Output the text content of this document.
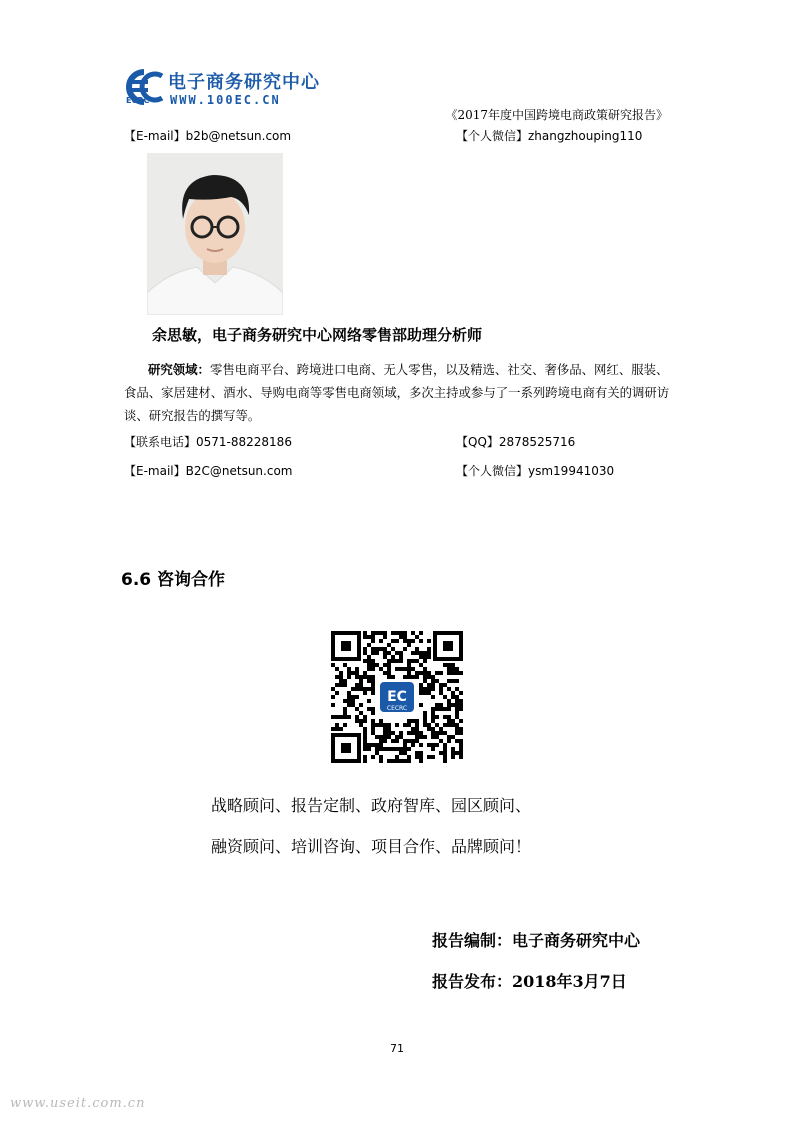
ECRC
电子商务研究中心
WWW.100EC.CN
《2017年度中国跨境电商政策研究报告》
【E-mail】b2b@netsun.com	【个人微信】zhangzhouping110
余思敏，电子商务研究中心网络零售部助理分析师
研究领域：零售电商平台、跨境进口电商、无人零售，以及精选、社交、奢侈品、网红、服装、食品、家居建材、酒水、导购电商等零售电商领域，多次主持或参与了一系列跨境电商有关的调研访谈、研究报告的撰写等。
【联系电话】0571-88228186	【QQ】2878525716
【E-mail】B2C@netsun.com	【个人微信】ysm19941030
6.6 咨询合作
EC
CECRC
战略顾问、报告定制、政府智库、园区顾问、
融资顾问、培训咨询、项目合作、品牌顾问！
报告编制：电子商务研究中心
报告发布：2018年3月7日
71
www.useit.com.cn
